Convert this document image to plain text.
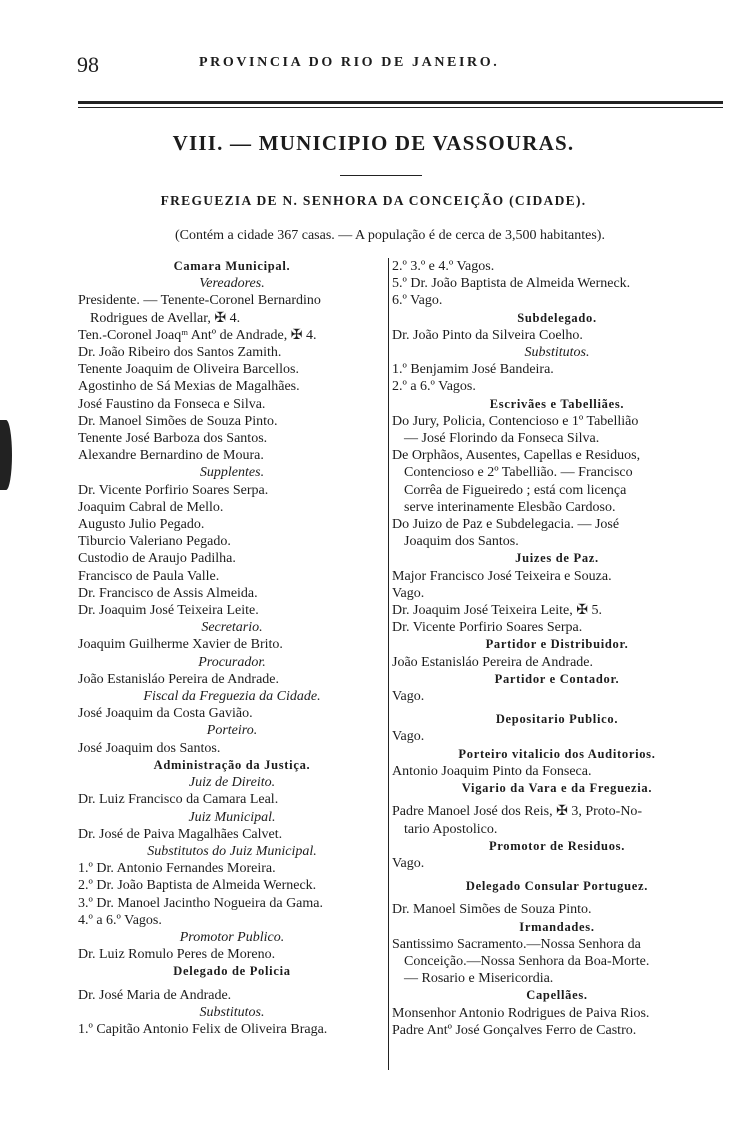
98	PROVINCIA DO RIO DE JANEIRO.
VIII. — MUNICIPIO DE VASSOURAS.
FREGUEZIA DE N. SENHORA DA CONCEIÇÃO (CIDADE).
(Contém a cidade 367 casas. — A população é de cerca de 3,500 habitantes).
Camara Municipal.
Vereadores.
Presidente. — Tenente-Coronel Bernardino
Rodrigues de Avellar, ✠ 4.
Ten.-Coronel Joaqᵐ Antº de Andrade, ✠ 4.
Dr. João Ribeiro dos Santos Zamith.
Tenente Joaquim de Oliveira Barcellos.
Agostinho de Sá Mexias de Magalhães.
José Faustino da Fonseca e Silva.
Dr. Manoel Simões de Souza Pinto.
Tenente José Barboza dos Santos.
Alexandre Bernardino de Moura.
Supplentes.
Dr. Vicente Porfirio Soares Serpa.
Joaquim Cabral de Mello.
Augusto Julio Pegado.
Tiburcio Valeriano Pegado.
Custodio de Araujo Padilha.
Francisco de Paula Valle.
Dr. Francisco de Assis Almeida.
Dr. Joaquim José Teixeira Leite.
Secretario.
Joaquim Guilherme Xavier de Brito.
Procurador.
João Estanisláo Pereira de Andrade.
Fiscal da Freguezia da Cidade.
José Joaquim da Costa Gavião.
Porteiro.
José Joaquim dos Santos.
Administração da Justiça.
Juiz de Direito.
Dr. Luiz Francisco da Camara Leal.
Juiz Municipal.
Dr. José de Paiva Magalhães Calvet.
Substitutos do Juiz Municipal.
1.º Dr. Antonio Fernandes Moreira.
2.º Dr. João Baptista de Almeida Werneck.
3.º Dr. Manoel Jacintho Nogueira da Gama.
4.º a 6.º Vagos.
Promotor Publico.
Dr. Luiz Romulo Peres de Moreno.
Delegado de Policia
Dr. José Maria de Andrade.
Substitutos.
1.º Capitão Antonio Felix de Oliveira Braga.
2.º 3.º e 4.º Vagos.
5.º Dr. João Baptista de Almeida Werneck.
6.º Vago.
Subdelegado.
Dr. João Pinto da Silveira Coelho.
Substitutos.
1.º Benjamim José Bandeira.
2.º a 6.º Vagos.
Escrivães e Tabelliães.
Do Jury, Policia, Contencioso e 1º Tabellião
— José Florindo da Fonseca Silva.
De Orphãos, Ausentes, Capellas e Residuos,
Contencioso e 2º Tabellião. — Francisco
Corrêa de Figueiredo ; está com licença
serve interinamente Elesbão Cardoso.
Do Juizo de Paz e Subdelegacia. — José
Joaquim dos Santos.
Juizes de Paz.
Major Francisco José Teixeira e Souza.
Vago.
Dr. Joaquim José Teixeira Leite, ✠ 5.
Dr. Vicente Porfirio Soares Serpa.
Partidor e Distribuidor.
João Estanisláo Pereira de Andrade.
Partidor e Contador.
Vago.
Depositario Publico.
Vago.
Porteiro vitalicio dos Auditorios.
Antonio Joaquim Pinto da Fonseca.
Vigario da Vara e da Freguezia.
Padre Manoel José dos Reis, ✠ 3, Proto-No-
tario Apostolico.
Promotor de Residuos.
Vago.
Delegado Consular Portuguez.
Dr. Manoel Simões de Souza Pinto.
Irmandades.
Santissimo Sacramento.—Nossa Senhora da
Conceição.—Nossa Senhora da Boa-Morte.
— Rosario e Misericordia.
Capellães.
Monsenhor Antonio Rodrigues de Paiva Rios.
Padre Antº José Gonçalves Ferro de Castro.
